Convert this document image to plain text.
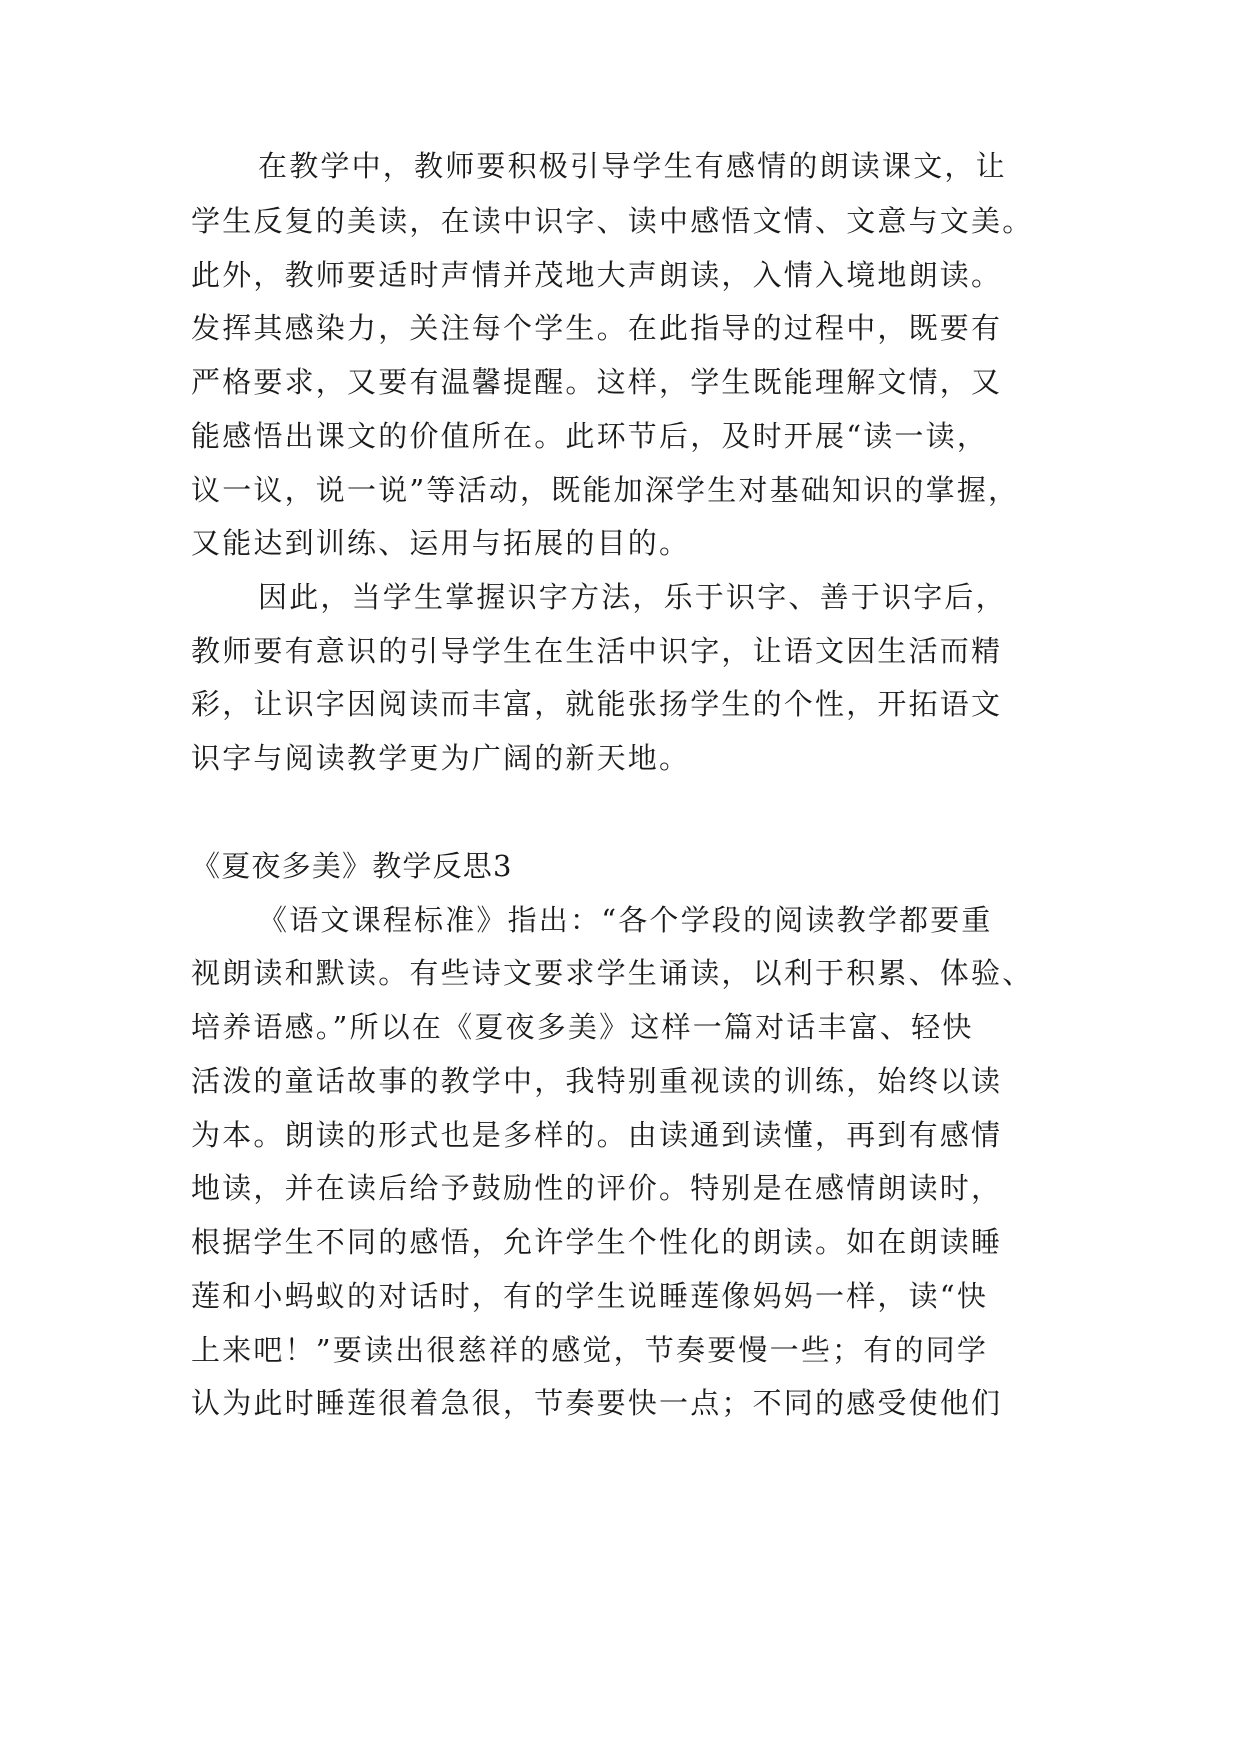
在教学中，教师要积极引导学生有感情的朗读课文，让
学生反复的美读，在读中识字、读中感悟文情、文意与文美。
此外，教师要适时声情并茂地大声朗读，入情入境地朗读。
发挥其感染力，关注每个学生。在此指导的过程中，既要有
严格要求，又要有温馨提醒。这样，学生既能理解文情，又
能感悟出课文的价值所在。此环节后，及时开展“读一读，
议一议，说一说”等活动，既能加深学生对基础知识的掌握，
又能达到训练、运用与拓展的目的。
因此，当学生掌握识字方法，乐于识字、善于识字后，
教师要有意识的引导学生在生活中识字，让语文因生活而精
彩，让识字因阅读而丰富，就能张扬学生的个性，开拓语文
识字与阅读教学更为广阔的新天地。
《夏夜多美》教学反思3
《语文课程标准》指出：“各个学段的阅读教学都要重
视朗读和默读。有些诗文要求学生诵读，以利于积累、体验、
培养语感。”所以在《夏夜多美》这样一篇对话丰富、轻快
活泼的童话故事的教学中，我特别重视读的训练，始终以读
为本。朗读的形式也是多样的。由读通到读懂，再到有感情
地读，并在读后给予鼓励性的评价。特别是在感情朗读时，
根据学生不同的感悟，允许学生个性化的朗读。如在朗读睡
莲和小蚂蚁的对话时，有的学生说睡莲像妈妈一样，读“快
上来吧！”要读出很慈祥的感觉，节奏要慢一些；有的同学
认为此时睡莲很着急很，节奏要快一点；不同的感受使他们
